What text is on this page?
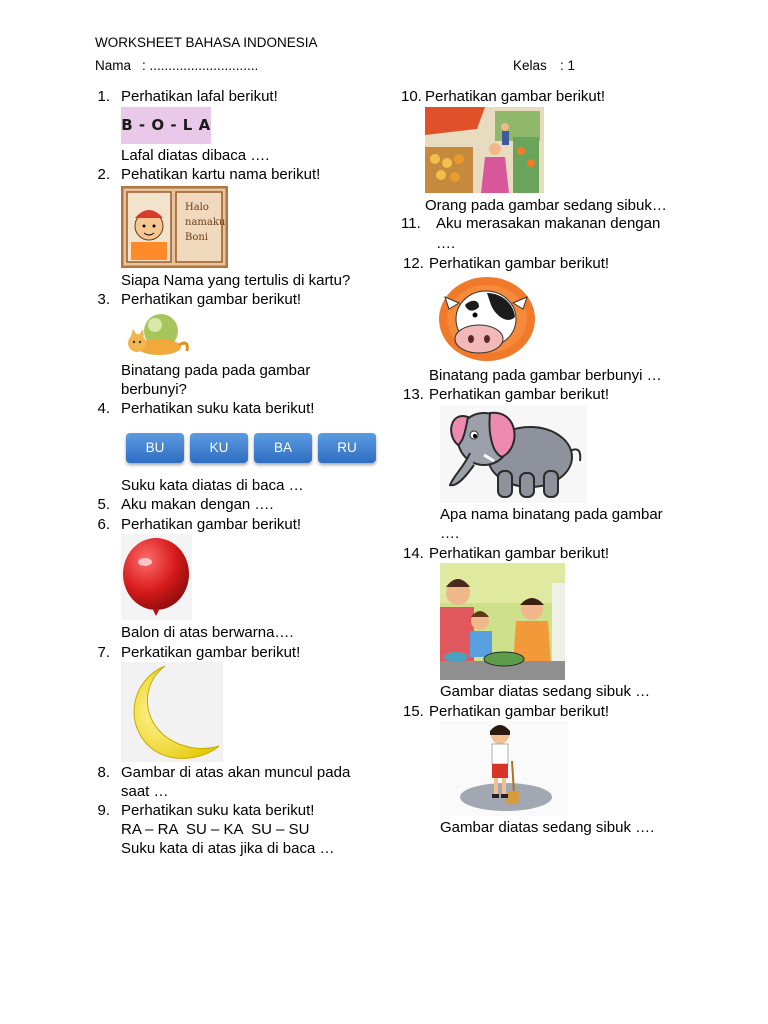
WORKSHEET BAHASA INDONESIA
Nama : .............................	Kelas : 1
1. Perhatikan lafal berikut!
B - O - L A
Lafal diatas dibaca ….
2. Pehatikan kartu nama berikut!
Halo
namaku
Boni
Siapa Nama yang tertulis di kartu?
3. Perhatikan gambar berikut!
Binatang pada pada gambar
berbunyi?
4. Perhatikan suku kata berikut!
BU	KU	BA	RU
Suku kata diatas di baca …
5. Aku makan dengan ….
6. Perhatikan gambar berikut!
Balon di atas berwarna….
7. Perkatikan gambar berikut!
8. Gambar di atas akan muncul pada
saat …
9. Perhatikan suku kata berikut!
RA – RA  SU – KA  SU – SU
Suku kata di atas jika di baca …
10. Perhatikan gambar berikut!
Orang pada gambar sedang sibuk…
11. Aku merasakan makanan dengan
….
12. Perhatikan gambar berikut!
Binatang pada gambar berbunyi …
13. Perhatikan gambar berikut!
Apa nama binatang pada gambar
….
14. Perhatikan gambar berikut!
Gambar diatas sedang sibuk …
15. Perhatikan gambar berikut!
Gambar diatas sedang sibuk ….
